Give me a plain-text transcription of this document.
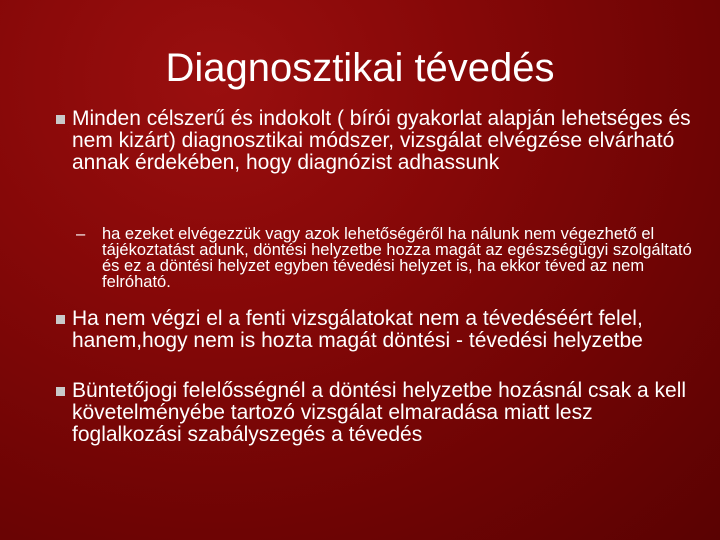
Diagnosztikai tévedés
Minden célszerű és indokolt ( bírói gyakorlat alapján lehetséges és nem kizárt) diagnosztikai módszer, vizsgálat elvégzése elvárható annak érdekében, hogy diagnózist adhassunk
– ha ezeket elvégezzük vagy azok lehetőségéről ha nálunk nem végezhető el tájékoztatást adunk, döntési helyzetbe hozza magát az egészségügyi szolgáltató és ez a döntési helyzet egyben tévedési helyzet is, ha ekkor téved az nem felróható.
Ha nem végzi el a fenti vizsgálatokat nem a tévedéséért felel, hanem,hogy nem is hozta magát döntési - tévedési helyzetbe
Büntetőjogi felelősségnél a döntési helyzetbe hozásnál csak a kell követelményébe tartozó vizsgálat elmaradása miatt lesz foglalkozási szabályszegés a tévedés
